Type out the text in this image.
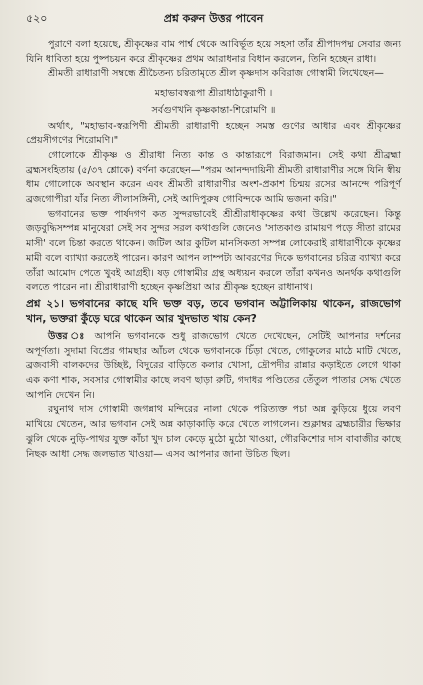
৫২০	প্রশ্ন করুন উত্তর পাবেন

পুরাণে বলা হয়েছে, শ্রীকৃষ্ণের বাম পার্শ্ব থেকে আবির্ভূত হয়ে সহসা তাঁর শ্রীপাদপদ্ম সেবার জন্য যিনি ধাবিতা হয়ে পুষ্পচয়ন করে শ্রীকৃষ্ণের প্রথম আরাধনার বিধান করলেন, তিনি হচ্ছেন রাধা।

শ্রীমতী রাধারাণী সম্বন্ধে শ্রীচৈতন্য চরিতামৃতে শ্রীল কৃষ্ণদাস কবিরাজ গোস্বামী লিখেছেন—

মহাভাবস্বরূপা শ্রীরাধাঠাকুরাণী ।
সর্বগুণখনি কৃষ্ণকান্তা-শিরোমণি ॥

অর্থাৎ, "মহাভাব-স্বরূপিণী শ্রীমতী রাধারাণী হচ্ছেন সমস্ত গুণের আধার এবং শ্রীকৃষ্ণের প্রেয়সীগণের শিরোমণি।"

গোলোকে শ্রীকৃষ্ণ ও শ্রীরাধা নিত্য কান্ত ও কান্তারূপে বিরাজমান। সেই কথা শ্রীব্রহ্মা ব্রহ্মসংহিতায় (৫/৩৭ শ্লোকে) বর্ণনা করেছেন—"পরম আনন্দদায়িনী শ্রীমতী রাধারাণীর সঙ্গে যিনি স্বীয় ধাম গোলোকে অবস্থান করেন এবং শ্রীমতী রাধারাণীর অংশ-প্রকাশ চিন্ময় রসের আনন্দে পরিপূর্ণ ব্রজগোপীরা যাঁর নিত্য লীলাসঙ্গিনী, সেই আদিপুরুষ গোবিন্দকে আমি ভজনা করি।"

ভগবানের ভক্ত পার্ষদগণ কত সুন্দরভাবেই শ্রীশ্রীরাধাকৃষ্ণের কথা উল্লেখ করেছেন। কিন্তু জড়বুদ্ধিসম্পন্ন মানুষেরা সেই সব সুন্দর সরল কথাগুলি জেনেও 'সাতকাণ্ড রামায়ণ পড়ে সীতা রামের মাসী' বলে চিন্তা করতে থাকেন। জটিল আর কুটিল মানসিকতা সম্পন্ন লোকেরাই রাধারাণীকে কৃষ্ণের মামী বলে ব্যাখ্যা করতেই পারেন। কারণ আপন লাম্পট্য আবরণের দিকে ভগবানের চরিত্র ব্যাখ্যা করে তাঁরা আমোদ পেতে খুবই আগ্রহী। ষড় গোস্বামীর গ্রন্থ অধ্যয়ন করলে তাঁরা কখনও অনর্থক কথাগুলি বলতে পারেন না। শ্রীরাধারাণী হচ্ছেন কৃষ্ণপ্রিয়া আর শ্রীকৃষ্ণ হচ্ছেন রাধানাথ।

প্রশ্ন ২১। ভগবানের কাছে যদি ভক্ত বড়, তবে ভগবান অট্টালিকায় থাকেন, রাজভোগ খান, ভক্তরা কুঁড়ে ঘরে থাকেন আর খুদভাত খায় কেন?

উত্তর ঃ আপনি ভগবানকে শুধু রাজভোগ খেতে দেখেছেন, সেটিই আপনার দর্শনের অপূর্ণতা। সুদামা বিপ্রের গামছার আঁচল থেকে ভগবানকে চিঁড়া খেতে, গোকুলের মাঠে মাটি খেতে, ব্রজবাসী বালকদের উচ্ছিষ্ট, বিদুরের বাড়িতে কলার খোসা, দ্রৌপদীর রান্নার কড়াইতে লেগে থাকা এক কণা শাক, সবসার গোস্বামীর কাছে লবণ ছাড়া রুটি, গদাধর পণ্ডিতের তেঁতুল পাতার সেদ্ধ খেতে আপনি দেখেন নি।

রঘুনাথ দাস গোস্বামী জগন্নাথ মন্দিরের নালা থেকে পরিত্যক্ত পচা অন্ন কুড়িয়ে ধুয়ে লবণ মাখিয়ে খেতেন, আর ভগবান সেই অন্ন কাড়াকাড়ি করে খেতে লাগলেন। শুক্লাম্বর ব্রহ্মচারীর ভিক্ষার ঝুলি থেকে নুড়ি-পাথর যুক্ত কাঁচা খুদ চাল কেড়ে মুঠো মুঠো খাওয়া, গৌরকিশোর দাস বাবাজীর কাছে নিছক আধা সেদ্ধ জলভাত খাওয়া— এসব আপনার জানা উচিত ছিল।
